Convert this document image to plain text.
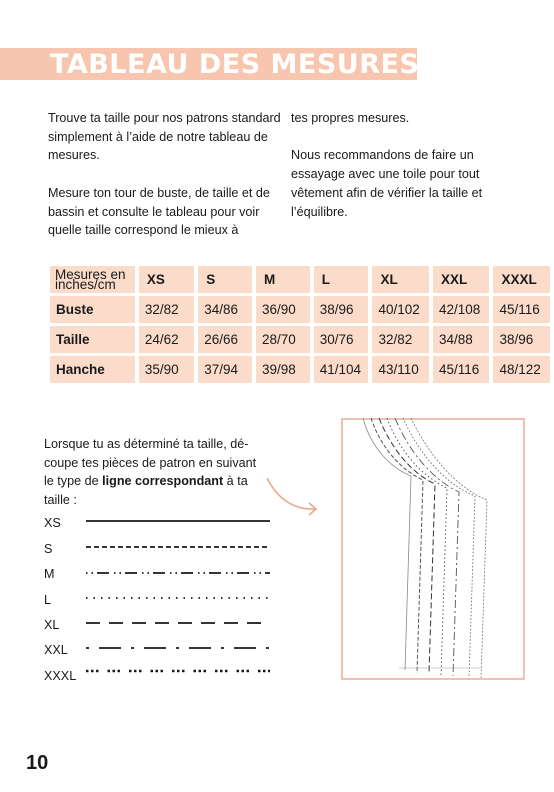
TABLEAU DES MESURES

Trouve ta taille pour nos patrons standard simplement à l’aide de notre tableau de mesures.

Mesure ton tour de buste, de taille et de bassin et consulte le tableau pour voir quelle taille correspond le mieux à

tes propres mesures.

Nous recommandons de faire un essayage avec une toile pour tout vêtement afin de vérifier la taille et l’équilibre.

Mesures en inches/cm	XS	S	M	L	XL	XXL	XXXL
Buste	32/82	34/86	36/90	38/96	40/102	42/108	45/116
Taille	24/62	26/66	28/70	30/76	32/82	34/88	38/96
Hanche	35/90	37/94	39/98	41/104	43/110	45/116	48/122
Lorsque tu as déterminé ta taille, dé-coupe tes pièces de patron en suivant le type de ligne correspondant à ta taille :
XS
S
M
L
XL
XXL
XXXL
10
